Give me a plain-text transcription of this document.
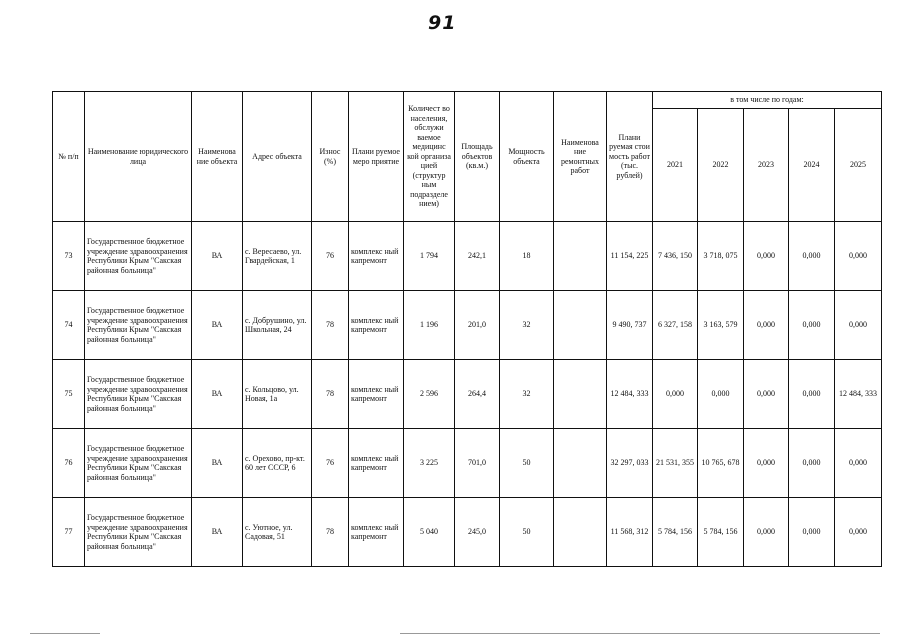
91
№ п/п	Наименование юридического лица	Наименова ние объекта	Адрес объекта	Износ (%)	Плани руемое меро приятие	Количест во населения, обслужи ваемое медицинс кой организа цией (структур ным подразделе нием)	Площадь объектов (кв.м.)	Мощность объекта	Наименова ние ремонтных работ	Плани руемая стои мость работ (тыс. рублей)	в том числе по годам:				
											2021	2022	2023	2024	2025
73	Государственное бюджетное учреждение здравоохранения Республики Крым "Сакская районная больница"	ВА	с. Вересаево, ул. Гвардейская, 1	76	комплекс ный капремонт	1 794	242,1	18		11 154, 225	7 436, 150	3 718, 075	0,000	0,000	0,000
74	Государственное бюджетное учреждение здравоохранения Республики Крым "Сакская районная больница"	ВА	с. Добрушино, ул. Школьная, 24	78	комплекс ный капремонт	1 196	201,0	32		9 490, 737	6 327, 158	3 163, 579	0,000	0,000	0,000
75	Государственное бюджетное учреждение здравоохранения Республики Крым "Сакская районная больница"	ВА	с. Кольцово, ул. Новая, 1а	78	комплекс ный капремонт	2 596	264,4	32		12 484, 333	0,000	0,000	0,000	0,000	12 484, 333
76	Государственное бюджетное учреждение здравоохранения Республики Крым "Сакская районная больница"	ВА	с. Орехово, пр-кт. 60 лет СССР, 6	76	комплекс ный капремонт	3 225	701,0	50		32 297, 033	21 531, 355	10 765, 678	0,000	0,000	0,000
77	Государственное бюджетное учреждение здравоохранения Республики Крым "Сакская районная больница"	ВА	с. Уютное, ул. Садовая, 51	78	комплекс ный капремонт	5 040	245,0	50		11 568, 312	5 784, 156	5 784, 156	0,000	0,000	0,000
